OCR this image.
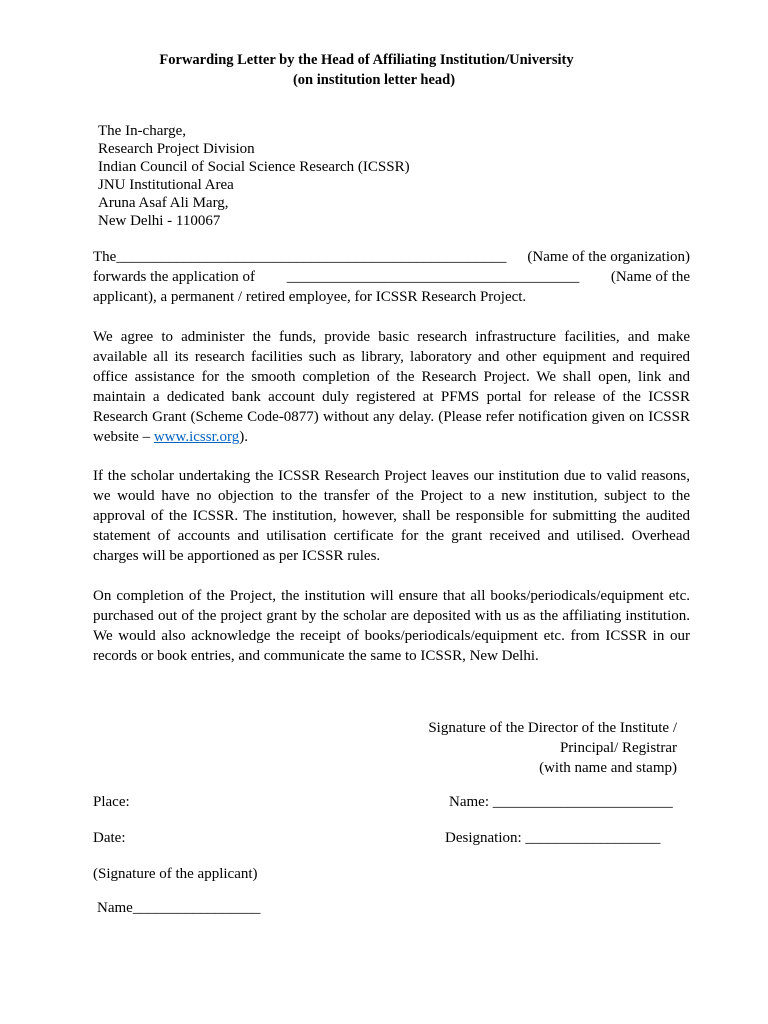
Forwarding Letter by the Head of Affiliating Institution/University
(on institution letter head)
The In-charge,
Research Project Division
Indian Council of Social Science Research (ICSSR)
JNU Institutional Area
Aruna Asaf Ali Marg,
New Delhi - 110067
The____________________________________________________ (Name of the organization)
forwards the application of _______________________________________ (Name of the
applicant), a permanent / retired employee, for ICSSR Research Project.
We agree to administer the funds, provide basic research infrastructure facilities, and make available all its research facilities such as library, laboratory and other equipment and required office assistance for the smooth completion of the Research Project. We shall open, link and maintain a dedicated bank account duly registered at PFMS portal for release of the ICSSR Research Grant (Scheme Code-0877) without any delay. (Please refer notification given on ICSSR website – www.icssr.org).
If the scholar undertaking the ICSSR Research Project leaves our institution due to valid reasons, we would have no objection to the transfer of the Project to a new institution, subject to the approval of the ICSSR. The institution, however, shall be responsible for submitting the audited statement of accounts and utilisation certificate for the grant received and utilised. Overhead charges will be apportioned as per ICSSR rules.
On completion of the Project, the institution will ensure that all books/periodicals/equipment etc. purchased out of the project grant by the scholar are deposited with us as the affiliating institution. We would also acknowledge the receipt of books/periodicals/equipment etc. from ICSSR in our records or book entries, and communicate the same to ICSSR, New Delhi.
Signature of the Director of the Institute /
Principal/ Registrar
(with name and stamp)
Place:	Name: ________________________
Date:	Designation: __________________
(Signature of the applicant)
Name_________________
